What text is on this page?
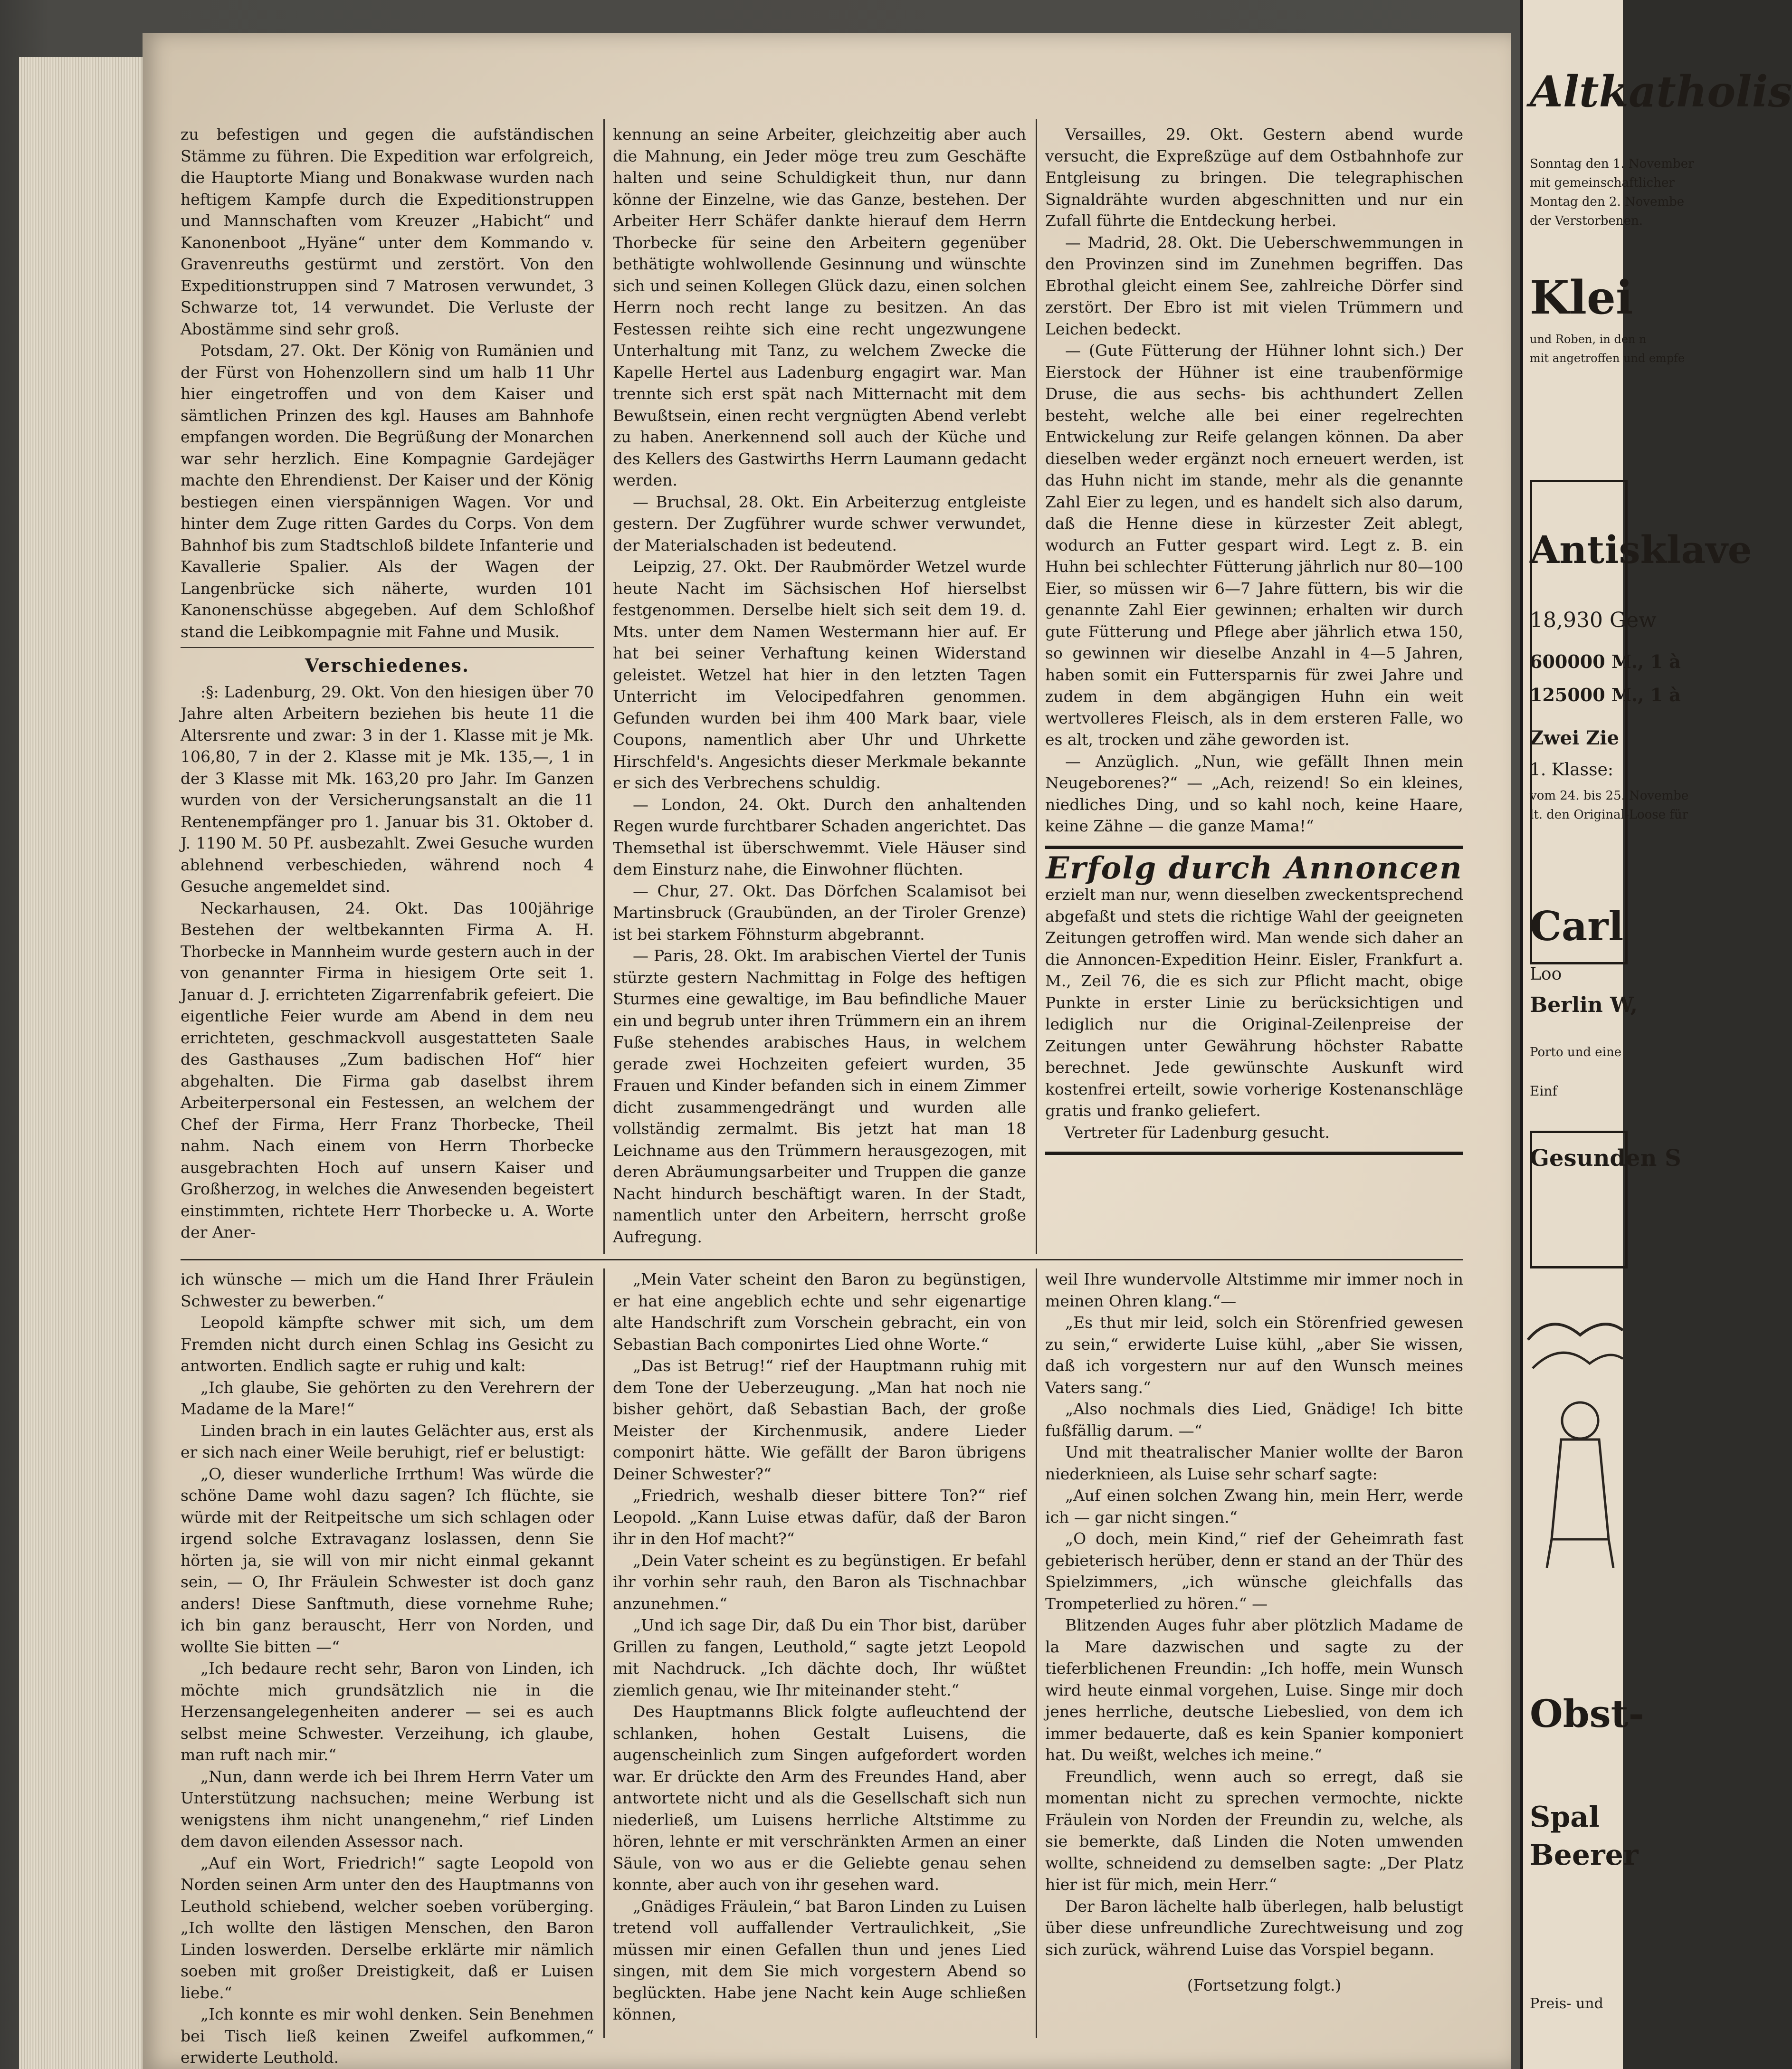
zu befestigen und gegen die aufständischen Stämme zu führen. Die Expedition war erfolgreich, die Hauptorte Miang und Bonakwase wurden nach heftigem Kampfe durch die Expeditionstruppen und Mannschaften vom Kreuzer „Habicht“ und Kanonenboot „Hyäne“ unter dem Kommando v. Gravenreuths gestürmt und zerstört. Von den Expeditionstruppen sind 7 Matrosen verwundet, 3 Schwarze tot, 14 verwundet. Die Verluste der Abostämme sind sehr groß.

Potsdam, 27. Okt. Der König von Rumänien und der Fürst von Hohenzollern sind um halb 11 Uhr hier eingetroffen und von dem Kaiser und sämtlichen Prinzen des kgl. Hauses am Bahnhofe empfangen worden. Die Begrüßung der Monarchen war sehr herzlich. Eine Kompagnie Gardejäger machte den Ehrendienst. Der Kaiser und der König bestiegen einen vierspännigen Wagen. Vor und hinter dem Zuge ritten Gardes du Corps. Von dem Bahnhof bis zum Stadtschloß bildete Infanterie und Kavallerie Spalier. Als der Wagen der Langenbrücke sich näherte, wurden 101 Kanonenschüsse abgegeben. Auf dem Schloßhof stand die Leibkompagnie mit Fahne und Musik.

Verschiedenes.

:§: Ladenburg, 29. Okt. Von den hiesigen über 70 Jahre alten Arbeitern beziehen bis heute 11 die Altersrente und zwar: 3 in der 1. Klasse mit je Mk. 106,80, 7 in der 2. Klasse mit je Mk. 135,—, 1 in der 3 Klasse mit Mk. 163,20 pro Jahr. Im Ganzen wurden von der Versicherungsanstalt an die 11 Rentenempfänger pro 1. Januar bis 31. Oktober d. J. 1190 M. 50 Pf. ausbezahlt. Zwei Gesuche wurden ablehnend verbeschieden, während noch 4 Gesuche angemeldet sind.

Neckarhausen, 24. Okt. Das 100jährige Bestehen der weltbekannten Firma A. H. Thorbecke in Mannheim wurde gestern auch in der von genannter Firma in hiesigem Orte seit 1. Januar d. J. errichteten Zigarrenfabrik gefeiert. Die eigentliche Feier wurde am Abend in dem neu errichteten, geschmackvoll ausgestatteten Saale des Gasthauses „Zum badischen Hof“ hier abgehalten. Die Firma gab daselbst ihrem Arbeiterpersonal ein Festessen, an welchem der Chef der Firma, Herr Franz Thorbecke, Theil nahm. Nach einem von Herrn Thorbecke ausgebrachten Hoch auf unsern Kaiser und Großherzog, in welches die Anwesenden begeistert einstimmten, richtete Herr Thorbecke u. A. Worte der Aner-

kennung an seine Arbeiter, gleichzeitig aber auch die Mahnung, ein Jeder möge treu zum Geschäfte halten und seine Schuldigkeit thun, nur dann könne der Einzelne, wie das Ganze, bestehen. Der Arbeiter Herr Schäfer dankte hierauf dem Herrn Thorbecke für seine den Arbeitern gegenüber bethätigte wohlwollende Gesinnung und wünschte sich und seinen Kollegen Glück dazu, einen solchen Herrn noch recht lange zu besitzen. An das Festessen reihte sich eine recht ungezwungene Unterhaltung mit Tanz, zu welchem Zwecke die Kapelle Hertel aus Ladenburg engagirt war. Man trennte sich erst spät nach Mitternacht mit dem Bewußtsein, einen recht vergnügten Abend verlebt zu haben. Anerkennend soll auch der Küche und des Kellers des Gastwirths Herrn Laumann gedacht werden.

— Bruchsal, 28. Okt. Ein Arbeiterzug entgleiste gestern. Der Zugführer wurde schwer verwundet, der Materialschaden ist bedeutend.

Leipzig, 27. Okt. Der Raubmörder Wetzel wurde heute Nacht im Sächsischen Hof hierselbst festgenommen. Derselbe hielt sich seit dem 19. d. Mts. unter dem Namen Westermann hier auf. Er hat bei seiner Verhaftung keinen Widerstand geleistet. Wetzel hat hier in den letzten Tagen Unterricht im Velocipedfahren genommen. Gefunden wurden bei ihm 400 Mark baar, viele Coupons, namentlich aber Uhr und Uhrkette Hirschfeld's. Angesichts dieser Merkmale bekannte er sich des Verbrechens schuldig.

— London, 24. Okt. Durch den anhaltenden Regen wurde furchtbarer Schaden angerichtet. Das Themsethal ist überschwemmt. Viele Häuser sind dem Einsturz nahe, die Einwohner flüchten.

— Chur, 27. Okt. Das Dörfchen Scalamisot bei Martinsbruck (Graubünden, an der Tiroler Grenze) ist bei starkem Föhnsturm abgebrannt.

— Paris, 28. Okt. Im arabischen Viertel der Tunis stürzte gestern Nachmittag in Folge des heftigen Sturmes eine gewaltige, im Bau befindliche Mauer ein und begrub unter ihren Trümmern ein an ihrem Fuße stehendes arabisches Haus, in welchem gerade zwei Hochzeiten gefeiert wurden, 35 Frauen und Kinder befanden sich in einem Zimmer dicht zusammengedrängt und wurden alle vollständig zermalmt. Bis jetzt hat man 18 Leichname aus den Trümmern herausgezogen, mit deren Abräumungsarbeiter und Truppen die ganze Nacht hindurch beschäftigt waren. In der Stadt, namentlich unter den Arbeitern, herrscht große Aufregung.

Versailles, 29. Okt. Gestern abend wurde versucht, die Expreßzüge auf dem Ostbahnhofe zur Entgleisung zu bringen. Die telegraphischen Signaldrähte wurden abgeschnitten und nur ein Zufall führte die Entdeckung herbei.

— Madrid, 28. Okt. Die Ueberschwemmungen in den Provinzen sind im Zunehmen begriffen. Das Ebrothal gleicht einem See, zahlreiche Dörfer sind zerstört. Der Ebro ist mit vielen Trümmern und Leichen bedeckt.

— (Gute Fütterung der Hühner lohnt sich.) Der Eierstock der Hühner ist eine traubenförmige Druse, die aus sechs- bis achthundert Zellen besteht, welche alle bei einer regelrechten Entwickelung zur Reife gelangen können. Da aber dieselben weder ergänzt noch erneuert werden, ist das Huhn nicht im stande, mehr als die genannte Zahl Eier zu legen, und es handelt sich also darum, daß die Henne diese in kürzester Zeit ablegt, wodurch an Futter gespart wird. Legt z. B. ein Huhn bei schlechter Fütterung jährlich nur 80—100 Eier, so müssen wir 6—7 Jahre füttern, bis wir die genannte Zahl Eier gewinnen; erhalten wir durch gute Fütterung und Pflege aber jährlich etwa 150, so gewinnen wir dieselbe Anzahl in 4—5 Jahren, haben somit ein Futtersparnis für zwei Jahre und zudem in dem abgängigen Huhn ein weit wertvolleres Fleisch, als in dem ersteren Falle, wo es alt, trocken und zähe geworden ist.

— Anzüglich. „Nun, wie gefällt Ihnen mein Neugeborenes?“ — „Ach, reizend! So ein kleines, niedliches Ding, und so kahl noch, keine Haare, keine Zähne — die ganze Mama!“

Erfolg durch Annoncen

erzielt man nur, wenn dieselben zweckentsprechend abgefaßt und stets die richtige Wahl der geeigneten Zeitungen getroffen wird. Man wende sich daher an die Annoncen-Expedition Heinr. Eisler, Frankfurt a. M., Zeil 76, die es sich zur Pflicht macht, obige Punkte in erster Linie zu berücksichtigen und lediglich nur die Original-Zeilenpreise der Zeitungen unter Gewährung höchster Rabatte berechnet. Jede gewünschte Auskunft wird kostenfrei erteilt, sowie vorherige Kostenanschläge gratis und franko geliefert.

Vertreter für Ladenburg gesucht.

ich wünsche — mich um die Hand Ihrer Fräulein Schwester zu bewerben.“

Leopold kämpfte schwer mit sich, um dem Fremden nicht durch einen Schlag ins Gesicht zu antworten. Endlich sagte er ruhig und kalt:

„Ich glaube, Sie gehörten zu den Verehrern der Madame de la Mare!“

Linden brach in ein lautes Gelächter aus, erst als er sich nach einer Weile beruhigt, rief er belustigt:

„O, dieser wunderliche Irrthum! Was würde die schöne Dame wohl dazu sagen? Ich flüchte, sie würde mit der Reitpeitsche um sich schlagen oder irgend solche Extravaganz loslassen, denn Sie hörten ja, sie will von mir nicht einmal gekannt sein, — O, Ihr Fräulein Schwester ist doch ganz anders! Diese Sanftmuth, diese vornehme Ruhe; ich bin ganz berauscht, Herr von Norden, und wollte Sie bitten —“

„Ich bedaure recht sehr, Baron von Linden, ich möchte mich grundsätzlich nie in die Herzensangelegenheiten anderer — sei es auch selbst meine Schwester. Verzeihung, ich glaube, man ruft nach mir.“

„Nun, dann werde ich bei Ihrem Herrn Vater um Unterstützung nachsuchen; meine Werbung ist wenigstens ihm nicht unangenehm,“ rief Linden dem davon eilenden Assessor nach.

„Auf ein Wort, Friedrich!“ sagte Leopold von Norden seinen Arm unter den des Hauptmanns von Leuthold schiebend, welcher soeben vorüberging. „Ich wollte den lästigen Menschen, den Baron Linden loswerden. Derselbe erklärte mir nämlich soeben mit großer Dreistigkeit, daß er Luisen liebe.“

„Ich konnte es mir wohl denken. Sein Benehmen bei Tisch ließ keinen Zweifel aufkommen,“ erwiderte Leuthold.

„Mein Vater scheint den Baron zu begünstigen, er hat eine angeblich echte und sehr eigenartige alte Handschrift zum Vorschein gebracht, ein von Sebastian Bach componirtes Lied ohne Worte.“

„Das ist Betrug!“ rief der Hauptmann ruhig mit dem Tone der Ueberzeugung. „Man hat noch nie bisher gehört, daß Sebastian Bach, der große Meister der Kirchenmusik, andere Lieder componirt hätte. Wie gefällt der Baron übrigens Deiner Schwester?“

„Friedrich, weshalb dieser bittere Ton?“ rief Leopold. „Kann Luise etwas dafür, daß der Baron ihr in den Hof macht?“

„Dein Vater scheint es zu begünstigen. Er befahl ihr vorhin sehr rauh, den Baron als Tischnachbar anzunehmen.“

„Und ich sage Dir, daß Du ein Thor bist, darüber Grillen zu fangen, Leuthold,“ sagte jetzt Leopold mit Nachdruck. „Ich dächte doch, Ihr wüßtet ziemlich genau, wie Ihr miteinander steht.“

Des Hauptmanns Blick folgte aufleuchtend der schlanken, hohen Gestalt Luisens, die augenscheinlich zum Singen aufgefordert worden war. Er drückte den Arm des Freundes Hand, aber antwortete nicht und als die Gesellschaft sich nun niederließ, um Luisens herrliche Altstimme zu hören, lehnte er mit verschränkten Armen an einer Säule, von wo aus er die Geliebte genau sehen konnte, aber auch von ihr gesehen ward.

„Gnädiges Fräulein,“ bat Baron Linden zu Luisen tretend voll auffallender Vertraulichkeit, „Sie müssen mir einen Gefallen thun und jenes Lied singen, mit dem Sie mich vorgestern Abend so beglückten. Habe jene Nacht kein Auge schließen können,

weil Ihre wundervolle Altstimme mir immer noch in meinen Ohren klang.“—

„Es thut mir leid, solch ein Störenfried gewesen zu sein,“ erwiderte Luise kühl, „aber Sie wissen, daß ich vorgestern nur auf den Wunsch meines Vaters sang.“

„Also nochmals dies Lied, Gnädige! Ich bitte fußfällig darum. —“

Und mit theatralischer Manier wollte der Baron niederknieen, als Luise sehr scharf sagte:

„Auf einen solchen Zwang hin, mein Herr, werde ich — gar nicht singen.“

„O doch, mein Kind,“ rief der Geheimrath fast gebieterisch herüber, denn er stand an der Thür des Spielzimmers, „ich wünsche gleichfalls das Trompeterlied zu hören.“ —

Blitzenden Auges fuhr aber plötzlich Madame de la Mare dazwischen und sagte zu der tieferblichenen Freundin: „Ich hoffe, mein Wunsch wird heute einmal vorgehen, Luise. Singe mir doch jenes herrliche, deutsche Liebeslied, von dem ich immer bedauerte, daß es kein Spanier komponiert hat. Du weißt, welches ich meine.“

Freundlich, wenn auch so erregt, daß sie momentan nicht zu sprechen vermochte, nickte Fräulein von Norden der Freundin zu, welche, als sie bemerkte, daß Linden die Noten umwenden wollte, schneidend zu demselben sagte: „Der Platz hier ist für mich, mein Herr.“

Der Baron lächelte halb überlegen, halb belustigt über diese unfreundliche Zurechtweisung und zog sich zurück, während Luise das Vorspiel begann.

(Fortsetzung folgt.)

Altkatholis
Sonntag den 1. November
mit gemeinschaftlicher
Montag den 2. Novembe
der Verstorbenen.
Klei
und Roben, in den n
mit angetroffen und empfe
Antisklave
18,930 Gew
600000 M., 1 à
125000 M., 1 à
Zwei Zie
1. Klasse:
vom 24. bis 25. Novembe
lt. den Original-Loose für
Carl
Loo
Berlin W,
Porto und eine
Einf
Gesunden S
Obst-
Spal
Beerer
Preis- und
